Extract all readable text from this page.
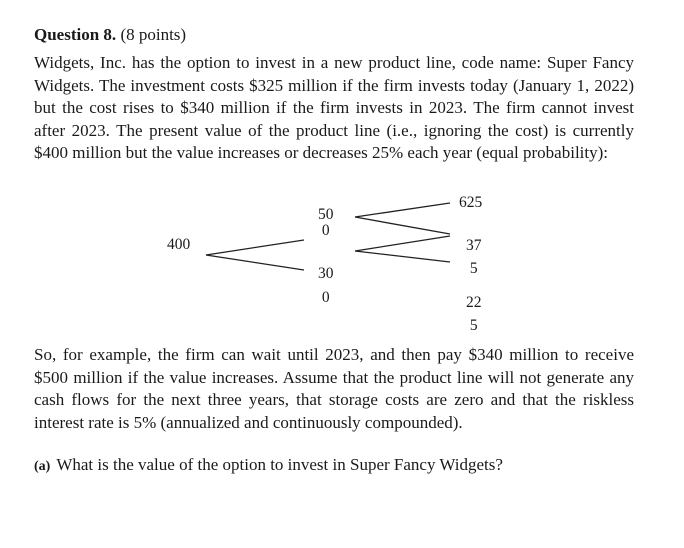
Question 8. (8 points)
Widgets, Inc. has the option to invest in a new product line, code name: Super Fancy Widgets. The investment costs $325 million if the firm invests today (January 1, 2022) but the cost rises to $340 million if the firm invests in 2023. The firm cannot invest after 2023. The present value of the product line (i.e., ignoring the cost) is currently $400 million but the value increases or decreases 25% each year (equal probability):
400
50
0
30
0
625
37
5
22
5
So, for example, the firm can wait until 2023, and then pay $340 million to receive $500 million if the value increases. Assume that the product line will not generate any cash flows for the next three years, that storage costs are zero and that the riskless interest rate is 5% (annualized and continuously compounded).
(a) What is the value of the option to invest in Super Fancy Widgets?
